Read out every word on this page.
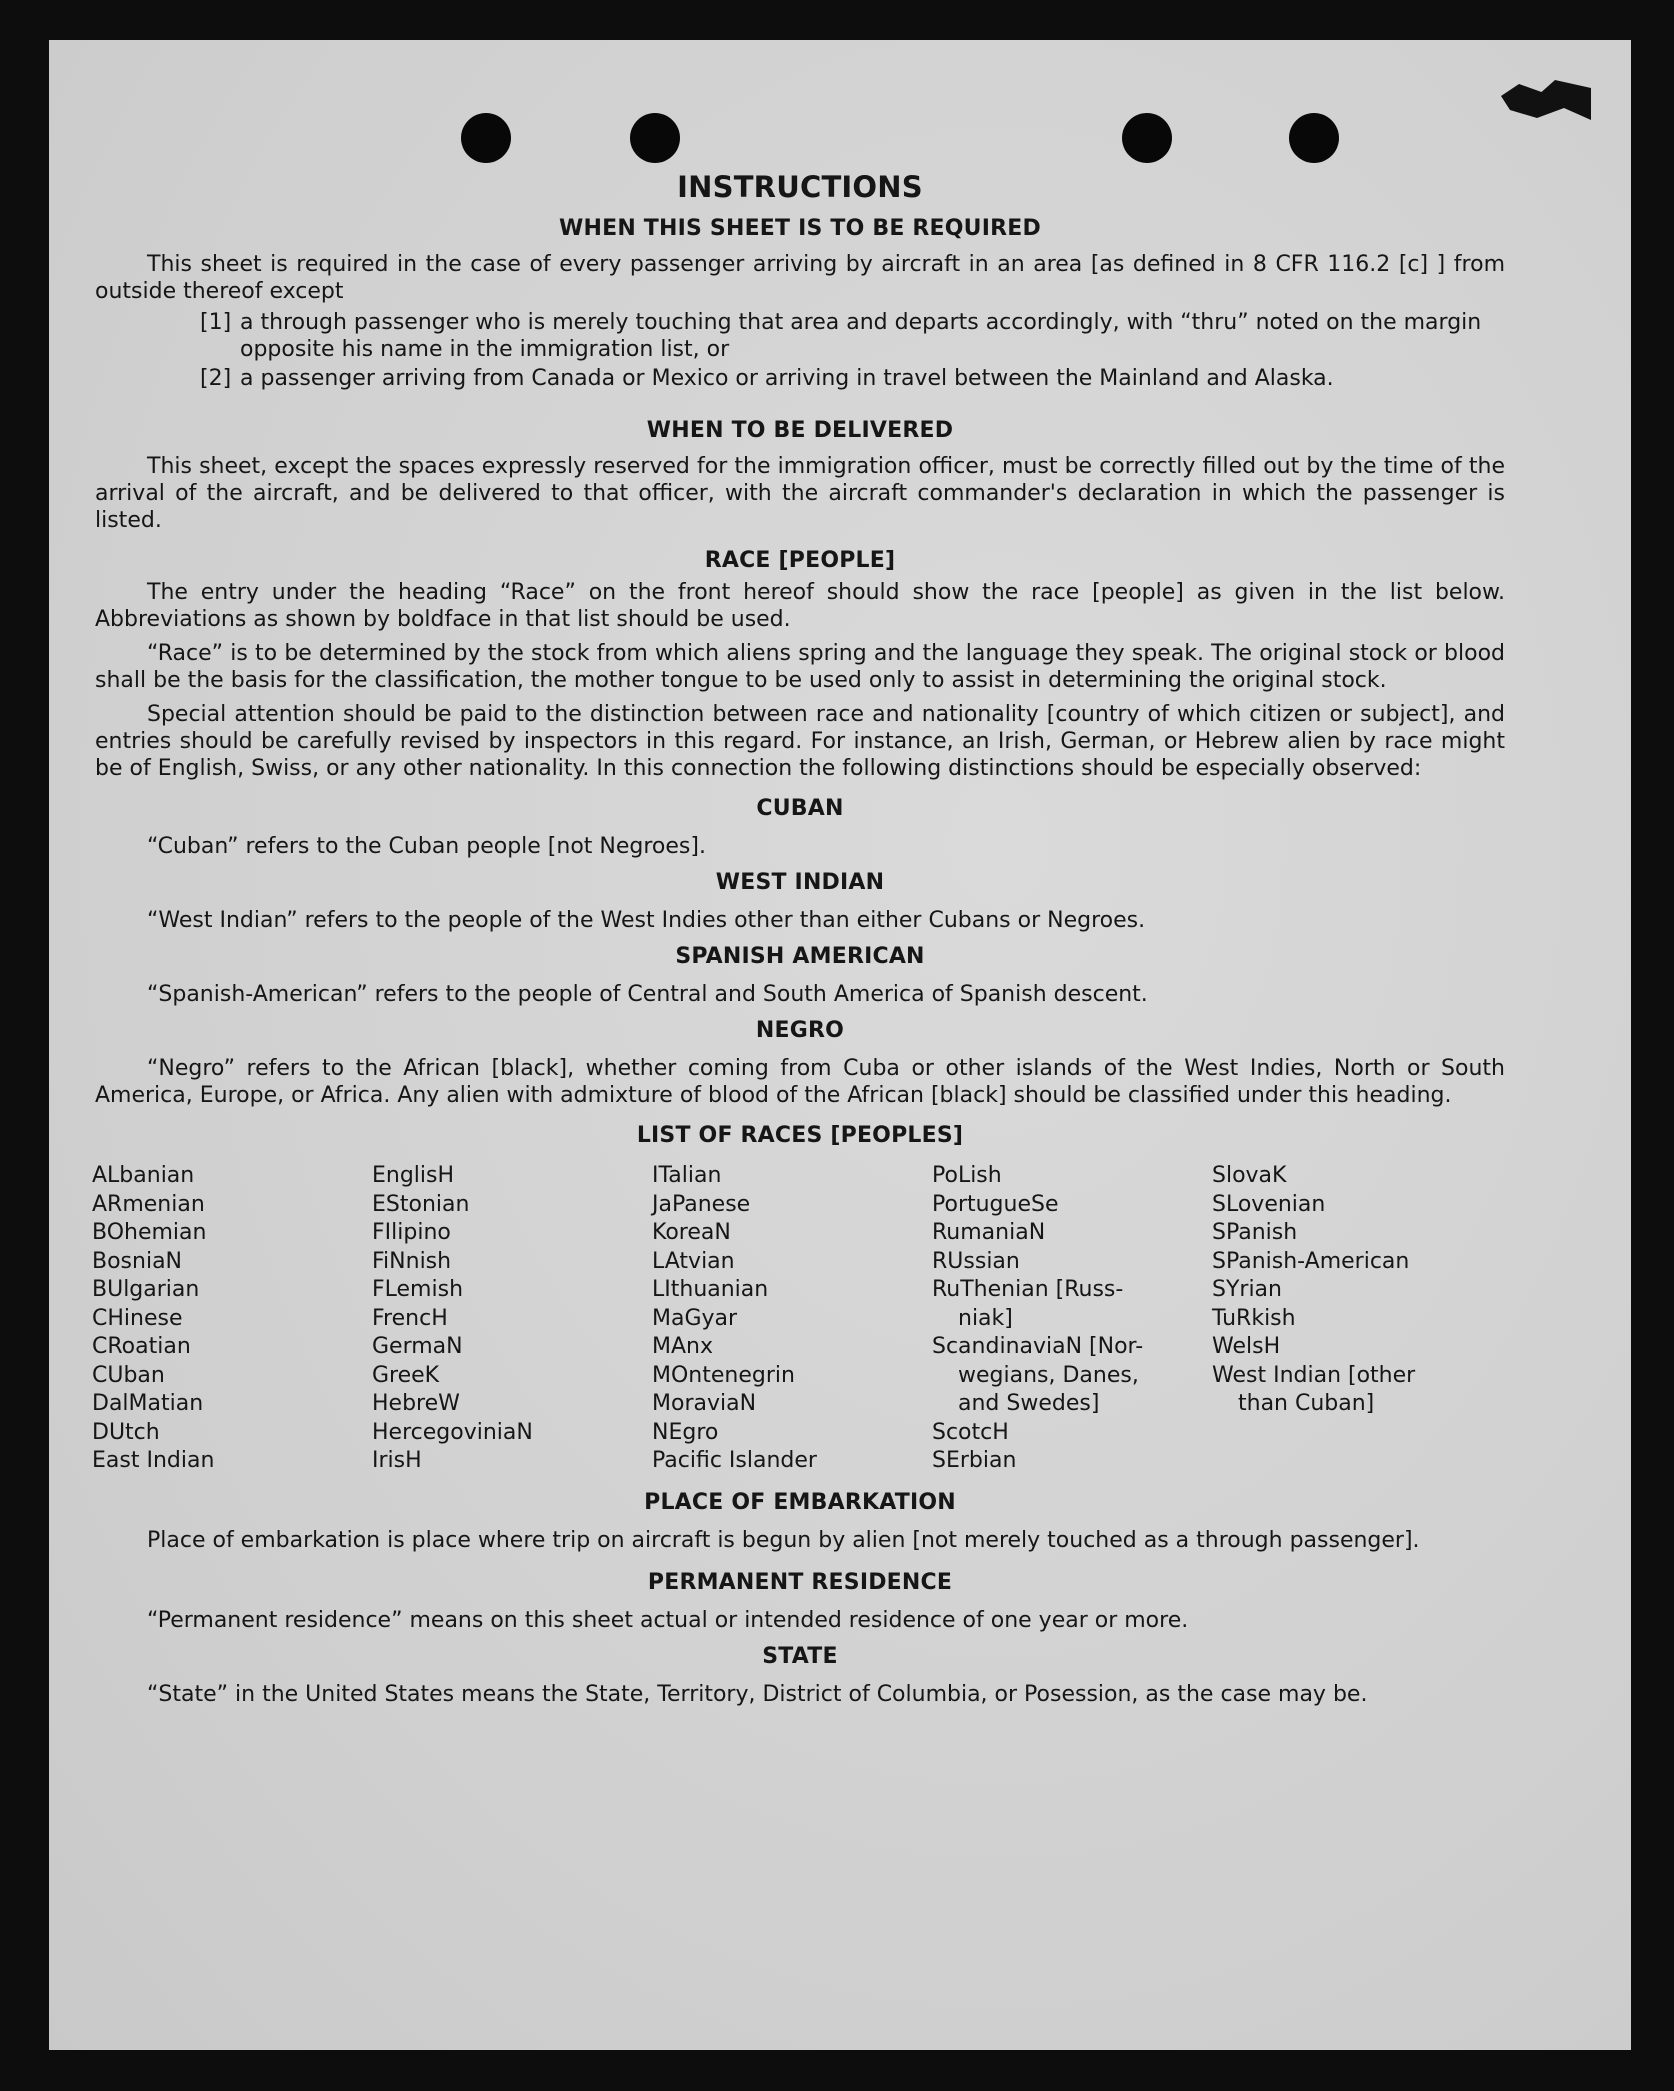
INSTRUCTIONS
WHEN THIS SHEET IS TO BE REQUIRED

This sheet is required in the case of every passenger arriving by aircraft in an area [as defined in 8 CFR 116.2 [c] ] from outside thereof except

[1] a through passenger who is merely touching that area and departs accordingly, with “thru” noted on the margin opposite his name in the immigration list, or
[2] a passenger arriving from Canada or Mexico or arriving in travel between the Mainland and Alaska.
WHEN TO BE DELIVERED

This sheet, except the spaces expressly reserved for the immigration officer, must be correctly filled out by the time of the arrival of the aircraft, and be delivered to that officer, with the aircraft commander's declaration in which the passenger is listed.

RACE [PEOPLE]

The entry under the heading “Race” on the front hereof should show the race [people] as given in the list below. Abbreviations as shown by boldface in that list should be used.

“Race” is to be determined by the stock from which aliens spring and the language they speak. The original stock or blood shall be the basis for the classification, the mother tongue to be used only to assist in determining the original stock.

Special attention should be paid to the distinction between race and nationality [country of which citizen or subject], and entries should be carefully revised by inspectors in this regard. For instance, an Irish, German, or Hebrew alien by race might be of English, Swiss, or any other nationality. In this connection the following distinctions should be especially observed:

CUBAN

“Cuban” refers to the Cuban people [not Negroes].

WEST INDIAN

“West Indian” refers to the people of the West Indies other than either Cubans or Negroes.

SPANISH AMERICAN

“Spanish-American” refers to the people of Central and South America of Spanish descent.

NEGRO

“Negro” refers to the African [black], whether coming from Cuba or other islands of the West Indies, North or South America, Europe, or Africa. Any alien with admixture of blood of the African [black] should be classified under this heading.

LIST OF RACES [PEOPLES]
ALbanian
ARmenian
BOhemian
BosniaN
BUlgarian
CHinese
CRoatian
CUban
DalMatian
DUtch
East Indian
EnglisH
EStonian
FIlipino
FiNnish
FLemish
FrencH
GermaN
GreeK
HebreW
HercegoviniaN
IrisH
ITalian
JaPanese
KoreaN
LAtvian
LIthuanian
MaGyar
MAnx
MOntenegrin
MoraviaN
NEgro
Pacific Islander
PoLish
PortugueSe
RumaniaN
RUssian
RuThenian [Russ-
niak]
ScandinaviaN [Nor-
wegians, Danes,
and Swedes]
ScotcH
SErbian
SlovaK
SLovenian
SPanish
SPanish-American
SYrian
TuRkish
WelsH
West Indian [other
than Cuban]
PLACE OF EMBARKATION

Place of embarkation is place where trip on aircraft is begun by alien [not merely touched as a through passenger].

PERMANENT RESIDENCE

“Permanent residence” means on this sheet actual or intended residence of one year or more.

STATE

“State” in the United States means the State, Territory, District of Columbia, or Posession, as the case may be.
